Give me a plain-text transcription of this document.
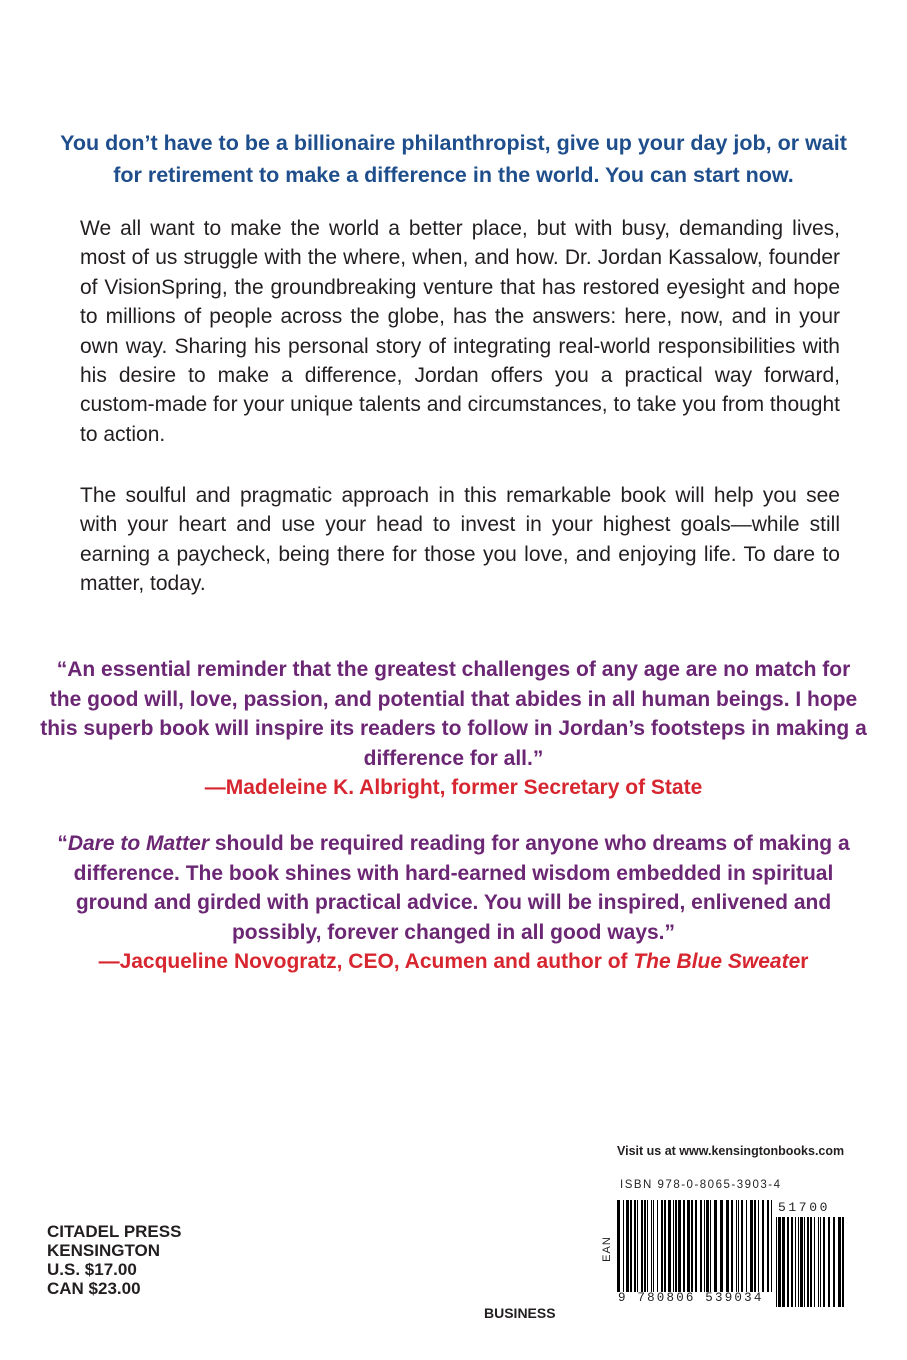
You don’t have to be a billionaire philanthropist, give up your day job, or wait for retirement to make a difference in the world. You can start now.

We all want to make the world a better place, but with busy, demanding lives, most of us struggle with the where, when, and how. Dr. Jordan Kassalow, founder of VisionSpring, the groundbreaking venture that has restored eyesight and hope to millions of people across the globe, has the answers: here, now, and in your own way. Sharing his personal story of integrating real-world responsibilities with his desire to make a difference, Jordan offers you a practical way forward, custom-made for your unique talents and circumstances, to take you from thought to action.

The soulful and pragmatic approach in this remarkable book will help you see with your heart and use your head to invest in your highest goals—while still earning a paycheck, being there for those you love, and enjoying life. To dare to matter, today.

“An essential reminder that the greatest challenges of any age are no match for the good will, love, passion, and potential that abides in all human beings. I hope this superb book will inspire its readers to follow in Jordan’s footsteps in making a difference for all.”
—Madeleine K. Albright, former Secretary of State
“Dare to Matter should be required reading for anyone who dreams of making a difference. The book shines with hard-earned wisdom embedded in spiritual ground and girded with practical advice. You will be inspired, enlivened and possibly, forever changed in all good ways.”
—Jacqueline Novogratz, CEO, Acumen and author of The Blue Sweater
Visit us at www.kensingtonbooks.com
ISBN 978-0-8065-3903-4
EAN
51700
9 780806 539034
CITADEL PRESS
KENSINGTON
U.S. $17.00
CAN $23.00
BUSINESS
